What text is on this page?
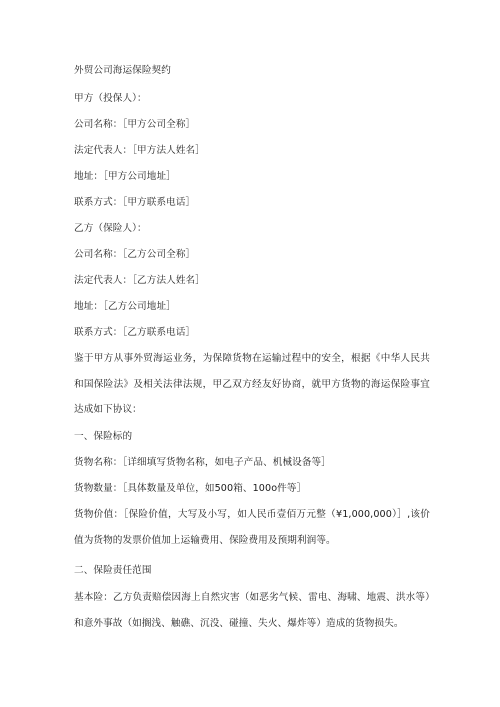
外贸公司海运保险契约

甲方（投保人）：

公司名称：［甲方公司全称］

法定代表人：［甲方法人姓名］

地址：［甲方公司地址］

联系方式：［甲方联系电话］

乙方（保险人）：

公司名称：［乙方公司全称］

法定代表人：［乙方法人姓名］

地址：［乙方公司地址］

联系方式：［乙方联系电话］

鉴于甲方从事外贸海运业务，为保障货物在运输过程中的安全，根据《中华人民共和国保险法》及相关法律法规，甲乙双方经友好协商，就甲方货物的海运保险事宜达成如下协议：

一、保险标的

货物名称：［详细填写货物名称，如电子产品、机械设备等］

货物数量：［具体数量及单位，如500箱、100o件等］

货物价值：［保险价值，大写及小写，如人民币壹佰万元整（¥1,000,000）］,该价值为货物的发票价值加上运输费用、保险费用及预期利润等。

二、保险责任范围

基本险：乙方负责赔偿因海上自然灾害（如恶劣气候、雷电、海啸、地震、洪水等）和意外事故（如搁浅、触礁、沉没、碰撞、失火、爆炸等）造成的货物损失。
